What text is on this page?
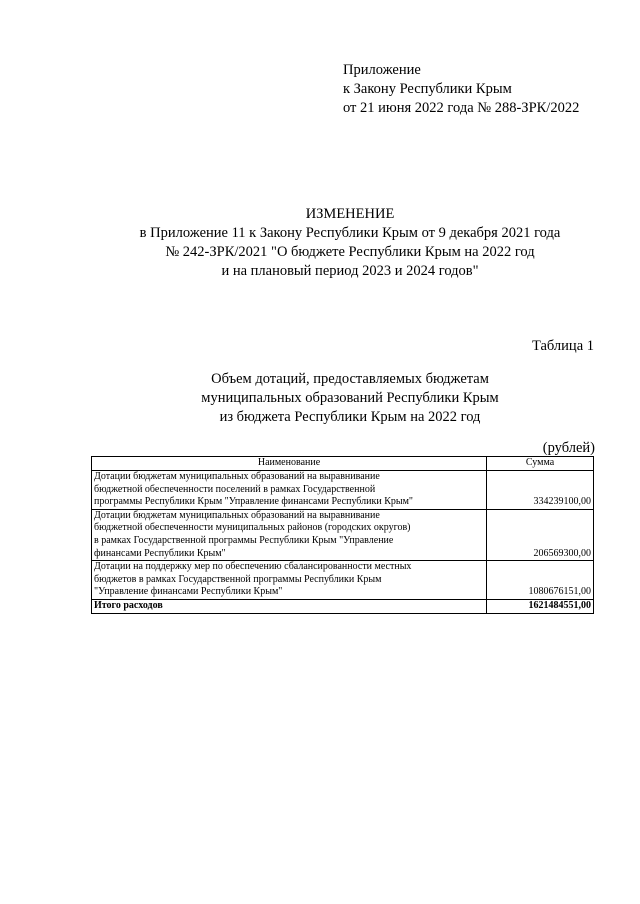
Приложение
к Закону Республики Крым
от 21 июня 2022 года № 288-ЗРК/2022
ИЗМЕНЕНИЕ
в Приложение 11 к Закону Республики Крым от 9 декабря 2021 года
№ 242-ЗРК/2021 "О бюджете Республики Крым на 2022 год
и на плановый период 2023 и 2024 годов"
Таблица 1
Объем дотаций, предоставляемых бюджетам
муниципальных образований Республики Крым
из бюджета Республики Крым на 2022 год
(рублей)
Наименование	Сумма

Дотации бюджетам муниципальных образований на выравнивание
бюджетной обеспеченности поселений в рамках Государственной
программы Республики Крым "Управление финансами Республики Крым"	334239100,00

Дотации бюджетам муниципальных образований на выравнивание
бюджетной обеспеченности муниципальных районов (городских округов)
в рамках Государственной программы Республики Крым "Управление
финансами Республики Крым"	206569300,00

Дотации на поддержку мер по обеспечению сбалансированности местных
бюджетов в рамках Государственной программы Республики Крым
"Управление финансами Республики Крым"	1080676151,00
Итого расходов	1621484551,00
